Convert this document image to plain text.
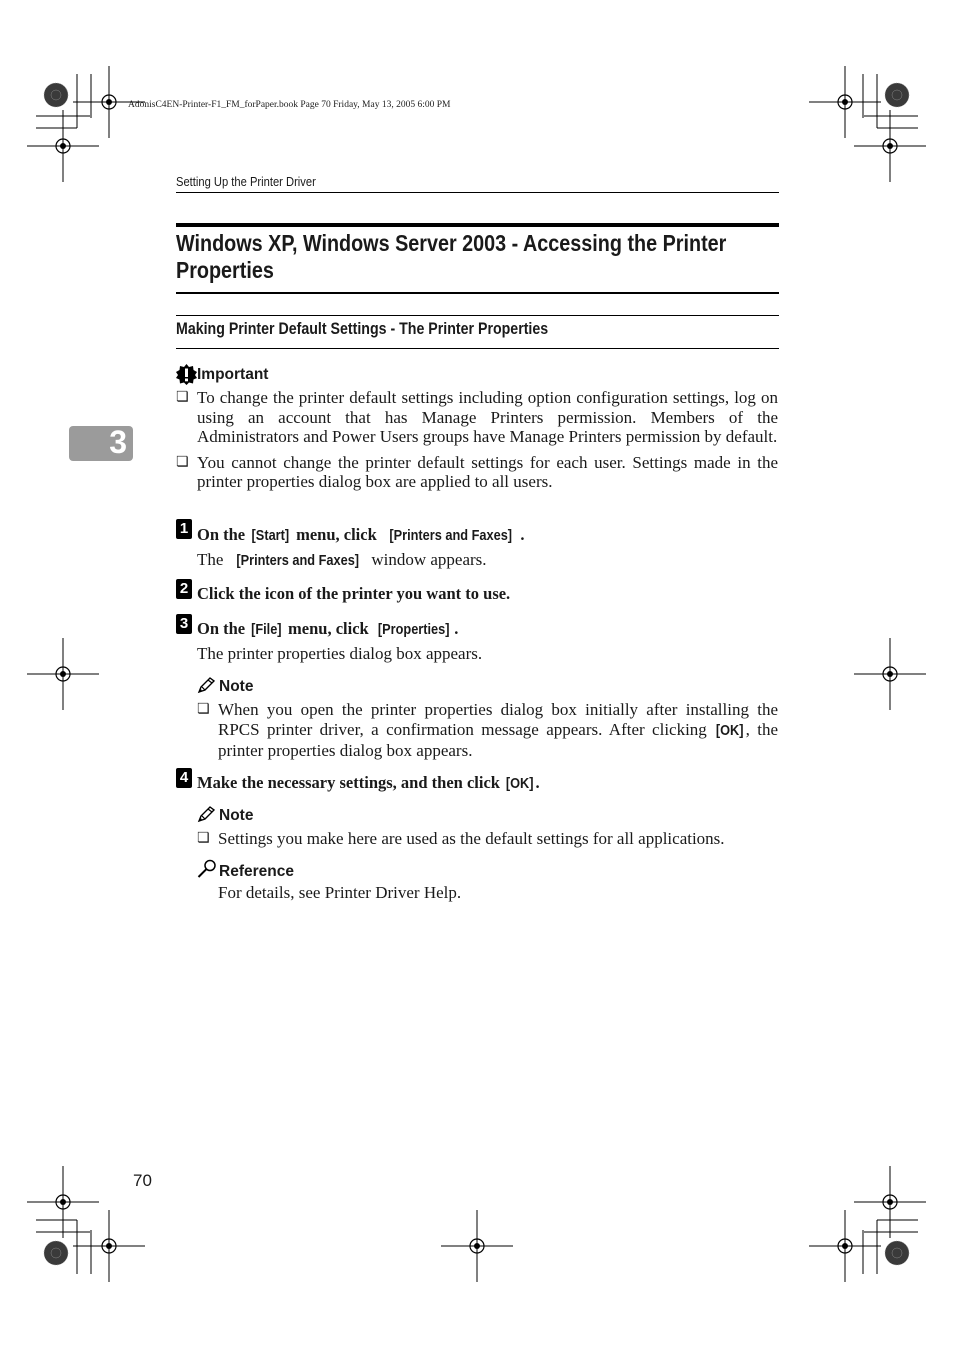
AdonisC4EN-Printer-F1_FM_forPaper.book Page 70 Friday, May 13, 2005 6:00 PM
Setting Up the Printer Driver
3
Windows XP, Windows Server 2003 - Accessing the Printer Properties
Making Printer Default Settings - The Printer Properties
Important
❏ To change the printer default settings including option configuration settings, log on using an account that has Manage Printers permission. Members of the Administrators and Power Users groups have Manage Printers permission by default.
❏ You cannot change the printer default settings for each user. Settings made in the printer properties dialog box are applied to all users.
1 On the [Start] menu, click [Printers and Faxes] .
The [Printers and Faxes] window appears.
2 Click the icon of the printer you want to use.
3 On the [File] menu, click [Properties] .
The printer properties dialog box appears.
Note
❏ When you open the printer properties dialog box initially after installing the RPCS printer driver, a confirmation message appears. After clicking [OK] , the printer properties dialog box appears.
4 Make the necessary settings, and then click [OK] .
Note
❏ Settings you make here are used as the default settings for all applications.
Reference
For details, see Printer Driver Help.
70
